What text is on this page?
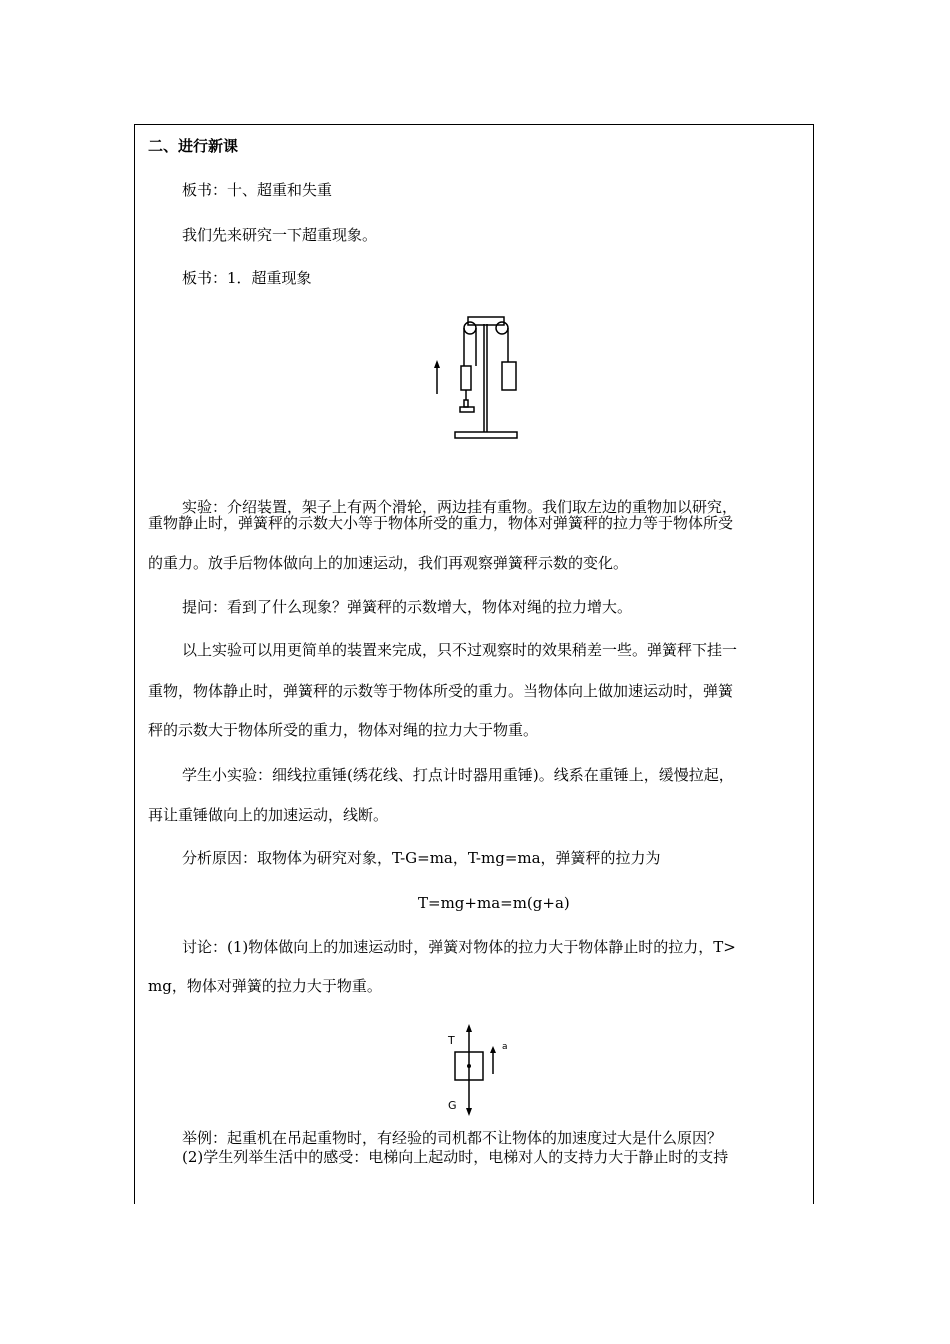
二、进行新课
板书：十、超重和失重
我们先来研究一下超重现象。
板书：1．超重现象
实验：介绍装置，架子上有两个滑轮，两边挂有重物。我们取左边的重物加以研究，
重物静止时，弹簧秤的示数大小等于物体所受的重力，物体对弹簧秤的拉力等于物体所受
的重力。放手后物体做向上的加速运动，我们再观察弹簧秤示数的变化。
提问：看到了什么现象？弹簧秤的示数增大，物体对绳的拉力增大。
以上实验可以用更简单的装置来完成，只不过观察时的效果稍差一些。弹簧秤下挂一
重物，物体静止时，弹簧秤的示数等于物体所受的重力。当物体向上做加速运动时，弹簧
秤的示数大于物体所受的重力，物体对绳的拉力大于物重。
学生小实验：细线拉重锤(绣花线、打点计时器用重锤)。线系在重锤上，缓慢拉起，
再让重锤做向上的加速运动，线断。
分析原因：取物体为研究对象，T-G=ma，T-mg=ma，弹簧秤的拉力为
T=mg+ma=m(g+a)
讨论：(1)物体做向上的加速运动时，弹簧对物体的拉力大于物体静止时的拉力，T>
mg，物体对弹簧的拉力大于物重。
T
G
a
举例：起重机在吊起重物时，有经验的司机都不让物体的加速度过大是什么原因？
(2)学生列举生活中的感受：电梯向上起动时，电梯对人的支持力大于静止时的支持
